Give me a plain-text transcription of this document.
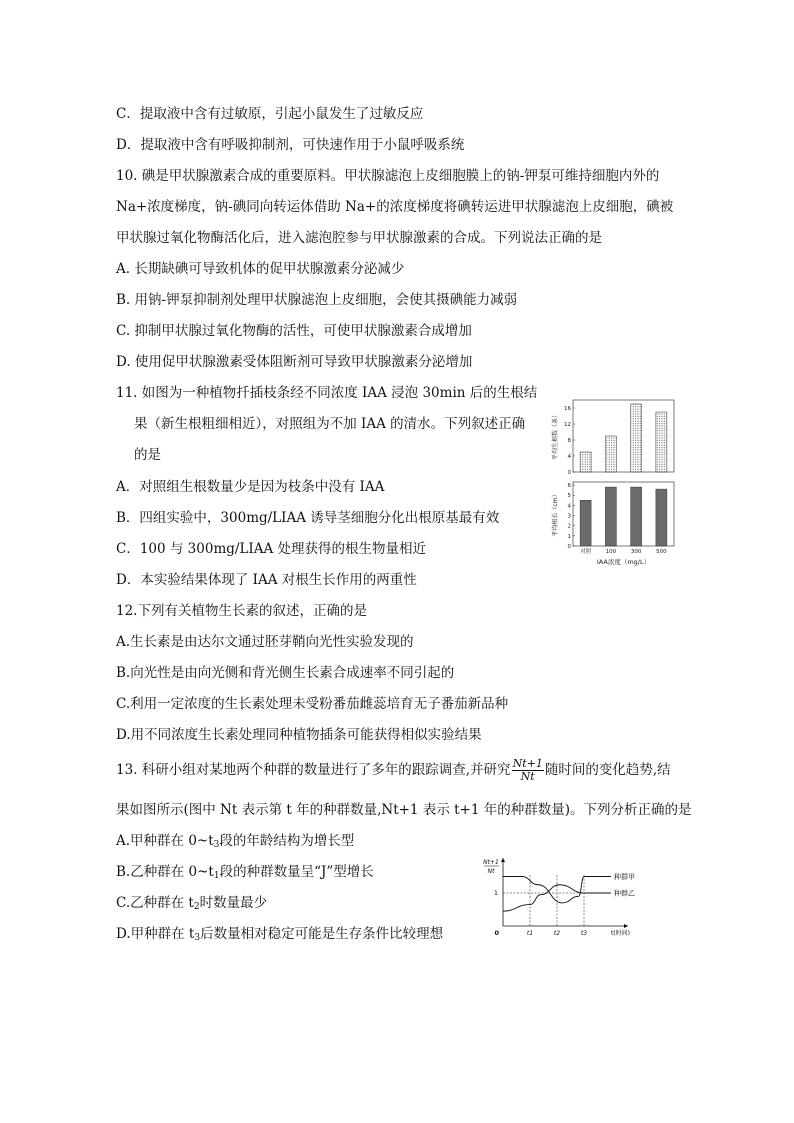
C．提取液中含有过敏原，引起小鼠发生了过敏反应
D．提取液中含有呼吸抑制剂，可快速作用于小鼠呼吸系统
10. 碘是甲状腺激素合成的重要原料。甲状腺滤泡上皮细胞膜上的钠-钾泵可维持细胞内外的
Na+浓度梯度，钠-碘同向转运体借助 Na+的浓度梯度将碘转运进甲状腺滤泡上皮细胞，碘被
甲状腺过氧化物酶活化后，进入滤泡腔参与甲状腺激素的合成。下列说法正确的是
A. 长期缺碘可导致机体的促甲状腺激素分泌减少
B. 用钠-钾泵抑制剂处理甲状腺滤泡上皮细胞，会使其摄碘能力减弱
C. 抑制甲状腺过氧化物酶的活性，可使甲状腺激素合成增加
D. 使用促甲状腺激素受体阻断剂可导致甲状腺激素分泌增加
11. 如图为一种植物扦插枝条经不同浓度 IAA 浸泡 30min 后的生根结
果（新生根粗细相近），对照组为不加 IAA 的清水。下列叙述正确
的是
A．对照组生根数量少是因为枝条中没有 IAA
B．四组实验中，300mg/LIAA 诱导茎细胞分化出根原基最有效
C．100 与 300mg/LIAA 处理获得的根生物量相近
D．本实验结果体现了 IAA 对根生长作用的两重性
0
4
8
12
16
平均生根数（条）
0
1
2
3
4
5
6
对照	100	300	500
平均根长（cm）
IAA浓度（mg/L）
12.下列有关植物生长素的叙述，正确的是
A.生长素是由达尔文通过胚芽鞘向光性实验发现的
B.向光性是由向光侧和背光侧生长素合成速率不同引起的
C.利用一定浓度的生长素处理未受粉番茄雌蕊培育无子番茄新品种
D.用不同浓度生长素处理同种植物插条可能获得相似实验结果
13. 科研小组对某地两个种群的数量进行了多年的跟踪调查,并研究 $\frac{Nt+1}{Nt}$ 随时间的变化趋势,结
果如图所示(图中 Nt 表示第 t 年的种群数量,Nt+1 表示 t+1 年的种群数量)。下列分析正确的是
A.甲种群在 $0\sim t_3$段的年龄结构为增长型
B.乙种群在 $0\sim t_1$段的种群数量呈“J”型增长
C.乙种群在 $t_2$时数量最少
D.甲种群在 $t_3$后数量相对稳定可能是生存条件比较理想
Nt+1
Nt
1
0	t1	t2	t3	t(时间)
种群甲
种群乙
